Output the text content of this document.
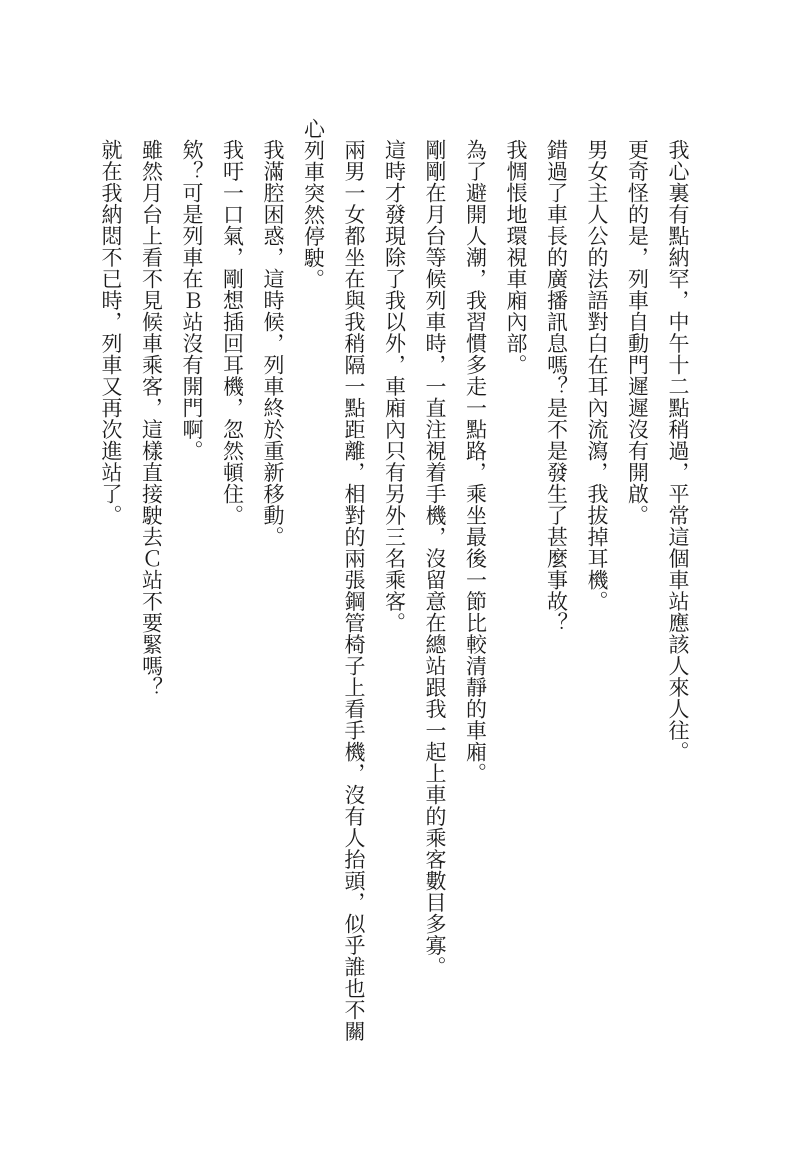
我心裏有點納罕，中午十二點稍過，平常這個車站應該人來人往。

更奇怪的是，列車自動門遲遲沒有開啟。

男女主人公的法語對白在耳內流瀉，我拔掉耳機。

錯過了車長的廣播訊息嗎？是不是發生了甚麼事故？

我惆悵地環視車廂內部。

為了避開人潮，我習慣多走一點路，乘坐最後一節比較清靜的車廂。

剛剛在月台等候列車時，一直注視着手機，沒留意在總站跟我一起上車的乘客數目多寡。

這時才發現除了我以外，車廂內只有另外三名乘客。

兩男一女都坐在與我稍隔一點距離，相對的兩張鋼管椅子上看手機，沒有人抬頭，似乎誰也不關心列車突然停駛。

我滿腔困惑，這時候，列車終於重新移動。

我吁一口氣，剛想插回耳機，忽然頓住。

欸？可是列車在Ｂ站沒有開門啊。

雖然月台上看不見候車乘客，這樣直接駛去Ｃ站不要緊嗎？

就在我納悶不已時，列車又再次進站了。
